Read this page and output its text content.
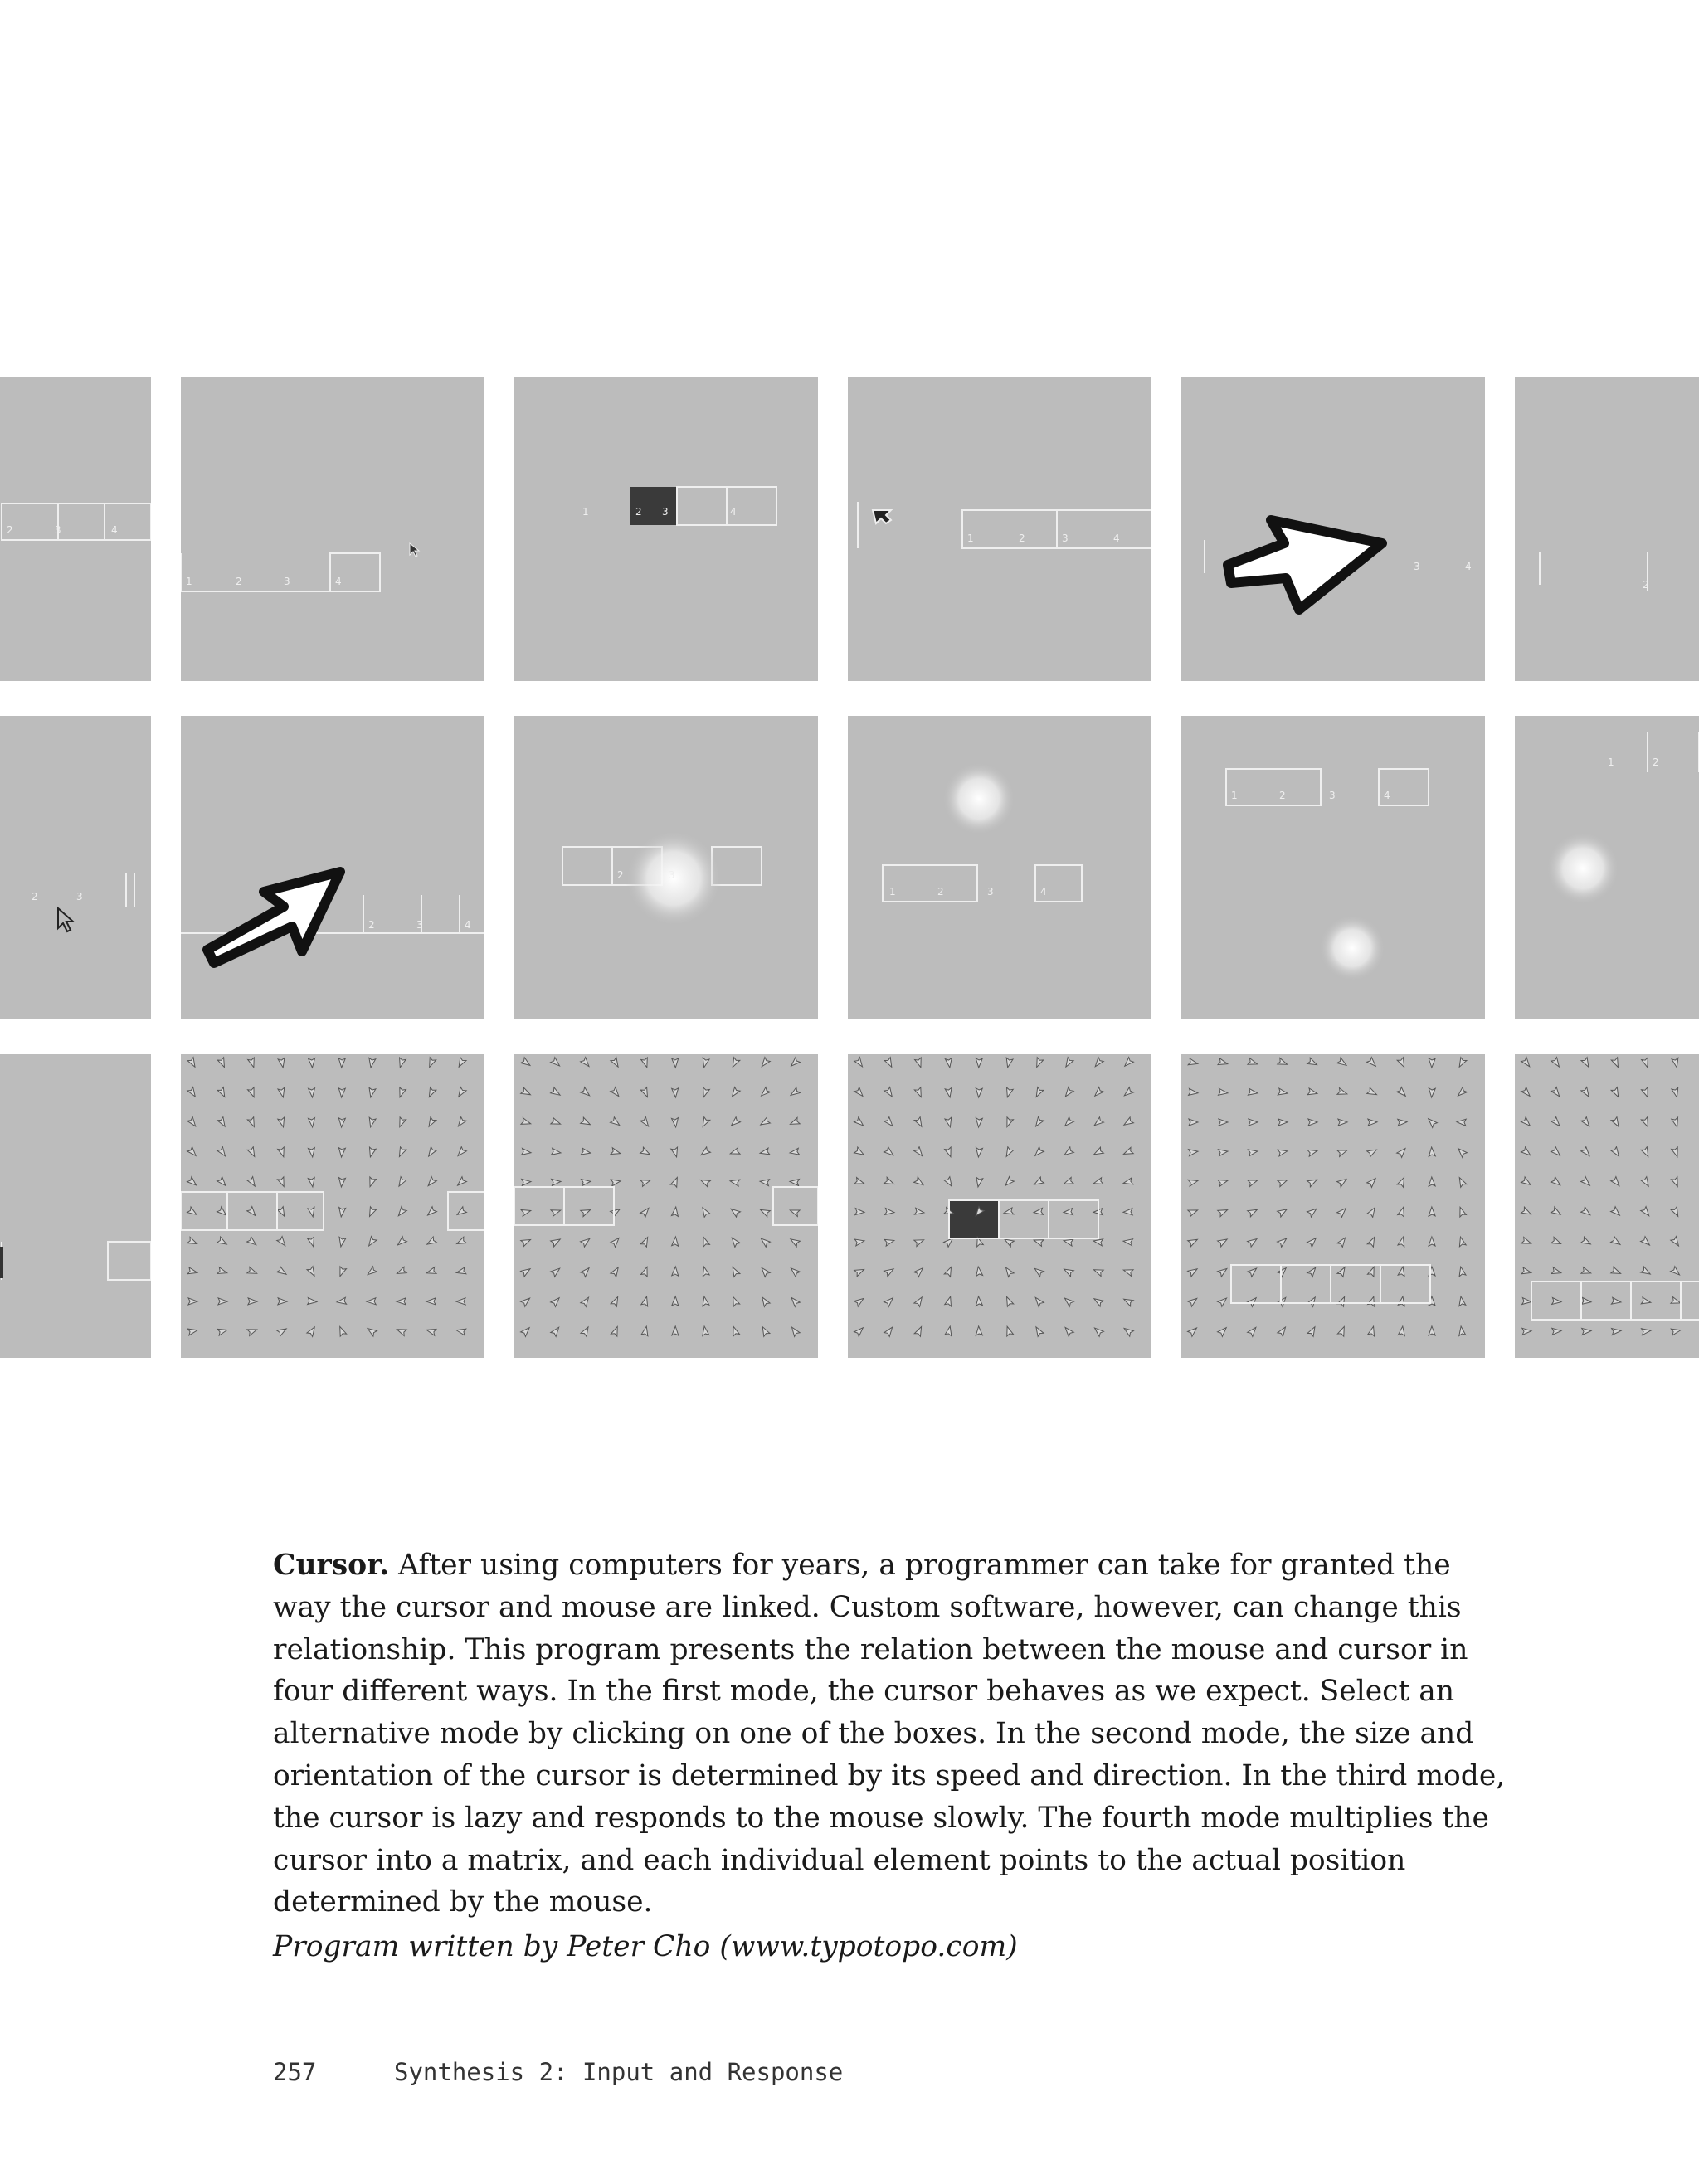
2	3	4
1	2	3	4
1	2 3	4
1	2	3	4
3	4
2
2	3
2	3	4
2	3
1	2	3	4
1	2	3	4
1	2

Cursor. After using computers for years, a programmer can take for granted the way the cursor and mouse are linked. Custom software, however, can change this relationship. This program presents the relation between the mouse and cursor in four different ways. In the first mode, the cursor behaves as we expect. Select an alternative mode by clicking on one of the boxes. In the second mode, the size and orientation of the cursor is determined by its speed and direction. In the third mode, the cursor is lazy and responds to the mouse slowly. The fourth mode multiplies the cursor into a matrix, and each individual element points to the actual position determined by the mouse.

Program written by Peter Cho (www.typotopo.com)
257	Synthesis 2: Input and Response
